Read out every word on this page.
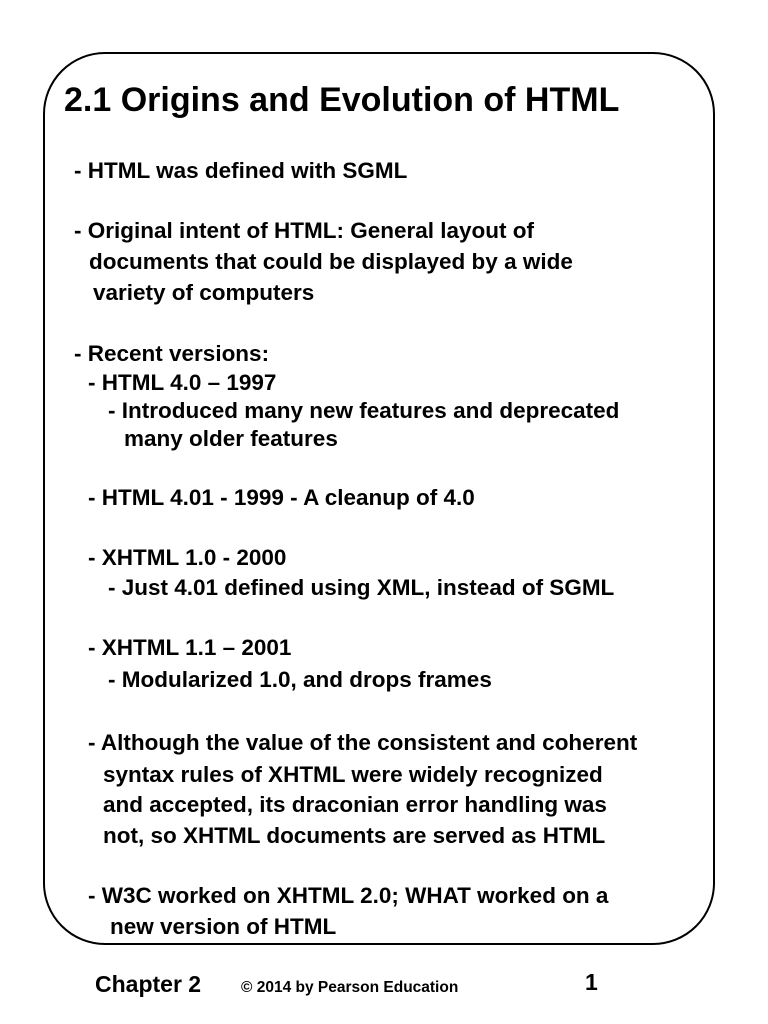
2.1 Origins and Evolution of HTML
- HTML was defined with SGML
- Original intent of HTML: General layout of
documents that could be displayed by a wide
variety of computers
- Recent versions:
- HTML 4.0 – 1997
- Introduced many new features and deprecated
many older features
- HTML 4.01 - 1999 - A cleanup of 4.0
- XHTML 1.0 - 2000
- Just 4.01 defined using XML, instead of SGML
- XHTML 1.1 – 2001
- Modularized 1.0, and drops frames
- Although the value of the consistent and coherent
syntax rules of XHTML were widely recognized
and accepted, its draconian error handling was
not, so XHTML documents are served as HTML
- W3C worked on XHTML 2.0; WHAT worked on a
new version of HTML
Chapter 2	© 2014 by Pearson Education	1
